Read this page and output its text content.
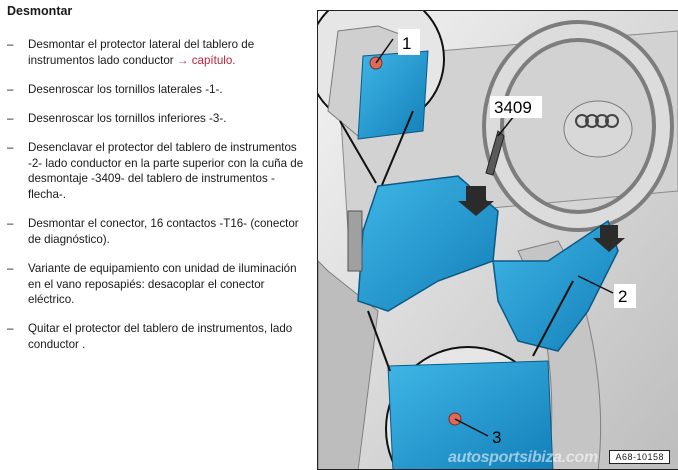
Desmontar
– Desmontar el protector lateral del tablero de instrumentos lado conductor → capítulo.
– Desenroscar los tornillos laterales -1-.
– Desenroscar los tornillos inferiores -3-.
– Desenclavar el protector del tablero de instrumentos -2- lado conductor en la parte superior con la cuña de desmontaje -3409- del tablero de instrumentos -flecha-.
– Desmontar el conector, 16 contactos -T16- (conector de diagnóstico).
– Variante de equipamiento con unidad de iluminación en el vano reposapiés: desacoplar el conector eléctrico.
– Quitar el protector del tablero de instrumentos, lado conductor .
1
3409
2
3
autosportsibiza.com	A68-10158
